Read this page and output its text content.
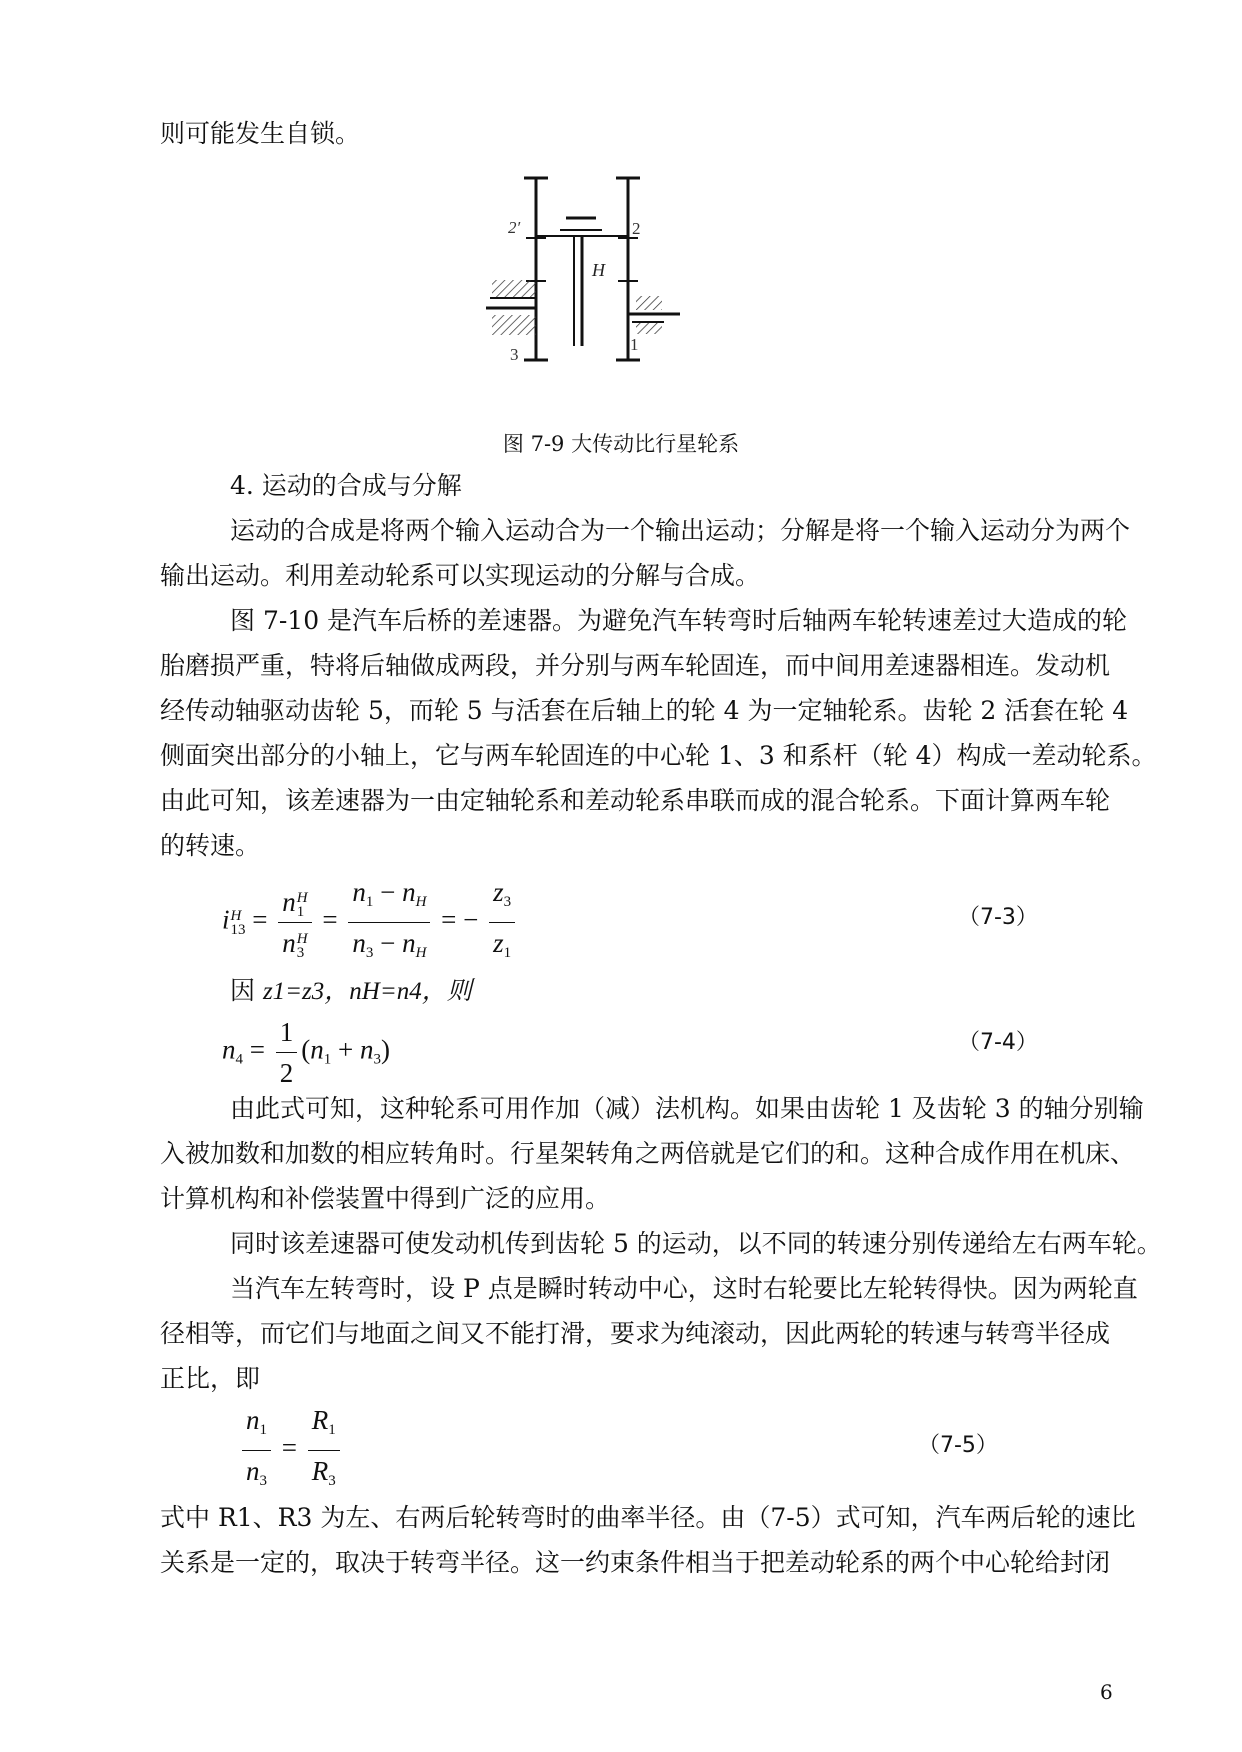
则可能发生自锁。
2′	2
H
3
1
图 7-9 大传动比行星轮系
4. 运动的合成与分解
运动的合成是将两个输入运动合为一个输出运动；分解是将一个输入运动分为两个
输出运动。利用差动轮系可以实现运动的分解与合成。
图 7-10 是汽车后桥的差速器。为避免汽车转弯时后轴两车轮转速差过大造成的轮
胎磨损严重，特将后轴做成两段，并分别与两车轮固连，而中间用差速器相连。发动机
经传动轴驱动齿轮 5，而轮 5 与活套在后轴上的轮 4 为一定轴轮系。齿轮 2 活套在轮 4
侧面突出部分的小轴上，它与两车轮固连的中心轮 1、3 和系杆（轮 4）构成一差动轮系。
由此可知，该差速器为一由定轴轮系和差动轮系串联而成的混合轮系。下面计算两车轮
的转速。
i H
13 = n H
1
n H
$3 = \frac{n_1 - n_H}{n_3 - n_H}$ = − $\frac{z_3}{z_1}$	（7-3）
因 z1=z3，nH=n4，则
$n_4 = \frac{1}{2} (n_1 + n_3)$	（7-4）
由此式可知，这种轮系可用作加（减）法机构。如果由齿轮 1 及齿轮 3 的轴分别输
入被加数和加数的相应转角时。行星架转角之两倍就是它们的和。这种合成作用在机床、
计算机构和补偿装置中得到广泛的应用。
同时该差速器可使发动机传到齿轮 5 的运动，以不同的转速分别传递给左右两车轮。
当汽车左转弯时，设 P 点是瞬时转动中心，这时右轮要比左轮转得快。因为两轮直
径相等，而它们与地面之间又不能打滑，要求为纯滚动，因此两轮的转速与转弯半径成
正比，即
$\frac{n_1}{n_3} = \frac{R_1}{R_3}$	（7-5）
式中 R1、R3 为左、右两后轮转弯时的曲率半径。由（7-5）式可知，汽车两后轮的速比
关系是一定的，取决于转弯半径。这一约束条件相当于把差动轮系的两个中心轮给封闭
6
